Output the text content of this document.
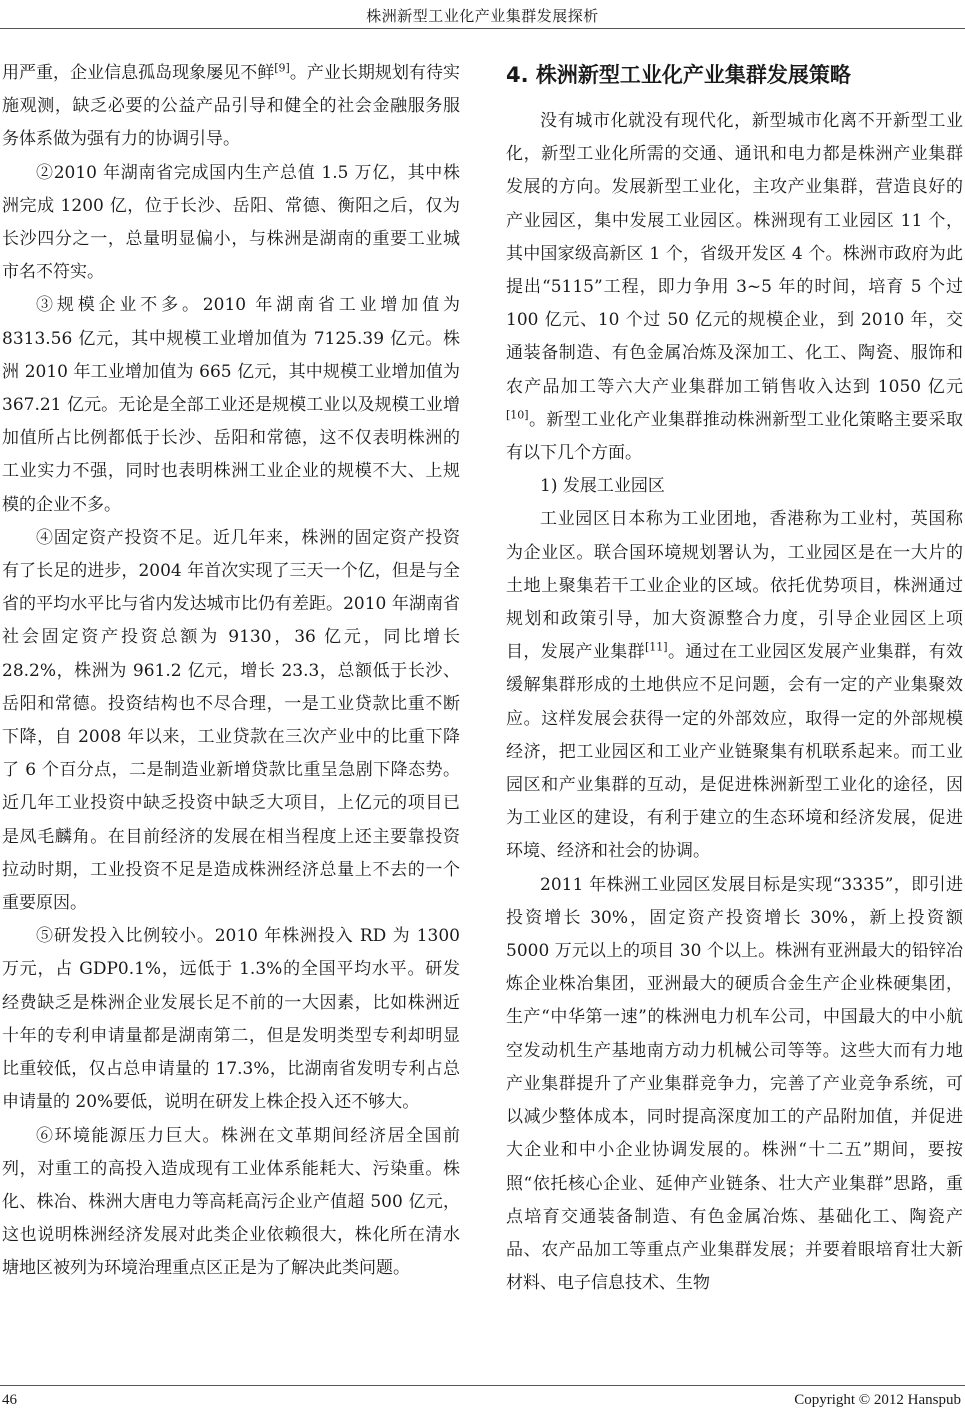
株洲新型工业化产业集群发展探析

用严重，企业信息孤岛现象屡见不鲜[9]。产业长期规划有待实施观测，缺乏必要的公益产品引导和健全的社会金融服务服务体系做为强有力的协调引导。

②2010 年湖南省完成国内生产总值 1.5 万亿，其中株洲完成 1200 亿，位于长沙、岳阳、常德、衡阳之后，仅为长沙四分之一，总量明显偏小，与株洲是湖南的重要工业城市名不符实。

③规模企业不多。2010 年湖南省工业增加值为 8313.56 亿元，其中规模工业增加值为 7125.39 亿元。株洲 2010 年工业增加值为 665 亿元，其中规模工业增加值为 367.21 亿元。无论是全部工业还是规模工业以及规模工业增加值所占比例都低于长沙、岳阳和常德，这不仅表明株洲的工业实力不强，同时也表明株洲工业企业的规模不大、上规模的企业不多。

④固定资产投资不足。近几年来，株洲的固定资产投资有了长足的进步，2004 年首次实现了三天一个亿，但是与全省的平均水平比与省内发达城市比仍有差距。2010 年湖南省社会固定资产投资总额为 9130，36 亿元，同比增长 28.2%，株洲为 961.2 亿元，增长 23.3，总额低于长沙、岳阳和常德。投资结构也不尽合理，一是工业贷款比重不断下降，自 2008 年以来，工业贷款在三次产业中的比重下降了 6 个百分点，二是制造业新增贷款比重呈急剧下降态势。近几年工业投资中缺乏投资中缺乏大项目，上亿元的项目已是凤毛麟角。在目前经济的发展在相当程度上还主要靠投资拉动时期，工业投资不足是造成株洲经济总量上不去的一个重要原因。

⑤研发投入比例较小。2010 年株洲投入 RD 为 1300 万元，占 GDP0.1%，远低于 1.3%的全国平均水平。研发经费缺乏是株洲企业发展长足不前的一大因素，比如株洲近十年的专利申请量都是湖南第二，但是发明类型专利却明显比重较低，仅占总申请量的 17.3%，比湖南省发明专利占总申请量的 20%要低，说明在研发上株企投入还不够大。

⑥环境能源压力巨大。株洲在文革期间经济居全国前列，对重工的高投入造成现有工业体系能耗大、污染重。株化、株冶、株洲大唐电力等高耗高污企业产值超 500 亿元，这也说明株洲经济发展对此类企业依赖很大，株化所在清水塘地区被列为环境治理重点区正是为了解决此类问题。

4. 株洲新型工业化产业集群发展策略

没有城市化就没有现代化，新型城市化离不开新型工业化，新型工业化所需的交通、通讯和电力都是株洲产业集群发展的方向。发展新型工业化，主攻产业集群，营造良好的产业园区，集中发展工业园区。株洲现有工业园区 11 个，其中国家级高新区 1 个，省级开发区 4 个。株洲市政府为此提出“5115”工程，即力争用 3~5 年的时间，培育 5 个过 100 亿元、10 个过 50 亿元的规模企业，到 2010 年，交通装备制造、有色金属冶炼及深加工、化工、陶瓷、服饰和农产品加工等六大产业集群加工销售收入达到 1050 亿元[10]。新型工业化产业集群推动株洲新型工业化策略主要采取有以下几个方面。

1) 发展工业园区

工业园区日本称为工业团地，香港称为工业村，英国称为企业区。联合国环境规划署认为，工业园区是在一大片的土地上聚集若干工业企业的区域。依托优势项目，株洲通过规划和政策引导，加大资源整合力度，引导企业园区上项目，发展产业集群[11]。通过在工业园区发展产业集群，有效缓解集群形成的土地供应不足问题，会有一定的产业集聚效应。这样发展会获得一定的外部效应，取得一定的外部规模经济，把工业园区和工业产业链聚集有机联系起来。而工业园区和产业集群的互动，是促进株洲新型工业化的途径，因为工业区的建设，有利于建立的生态环境和经济发展，促进环境、经济和社会的协调。

2011 年株洲工业园区发展目标是实现“3335”，即引进投资增长 30%，固定资产投资增长 30%，新上投资额 5000 万元以上的项目 30 个以上。株洲有亚洲最大的铅锌冶炼企业株冶集团，亚洲最大的硬质合金生产企业株硬集团，生产“中华第一速”的株洲电力机车公司，中国最大的中小航空发动机生产基地南方动力机械公司等等。这些大而有力地产业集群提升了产业集群竞争力，完善了产业竞争系统，可以减少整体成本，同时提高深度加工的产品附加值，并促进大企业和中小企业协调发展的。株洲“十二五”期间，要按照“依托核心企业、延伸产业链条、壮大产业集群”思路，重点培育交通装备制造、有色金属冶炼、基础化工、陶瓷产品、农产品加工等重点产业集群发展；并要着眼培育壮大新材料、电子信息技术、生物

46	Copyright © 2012 Hanspub
